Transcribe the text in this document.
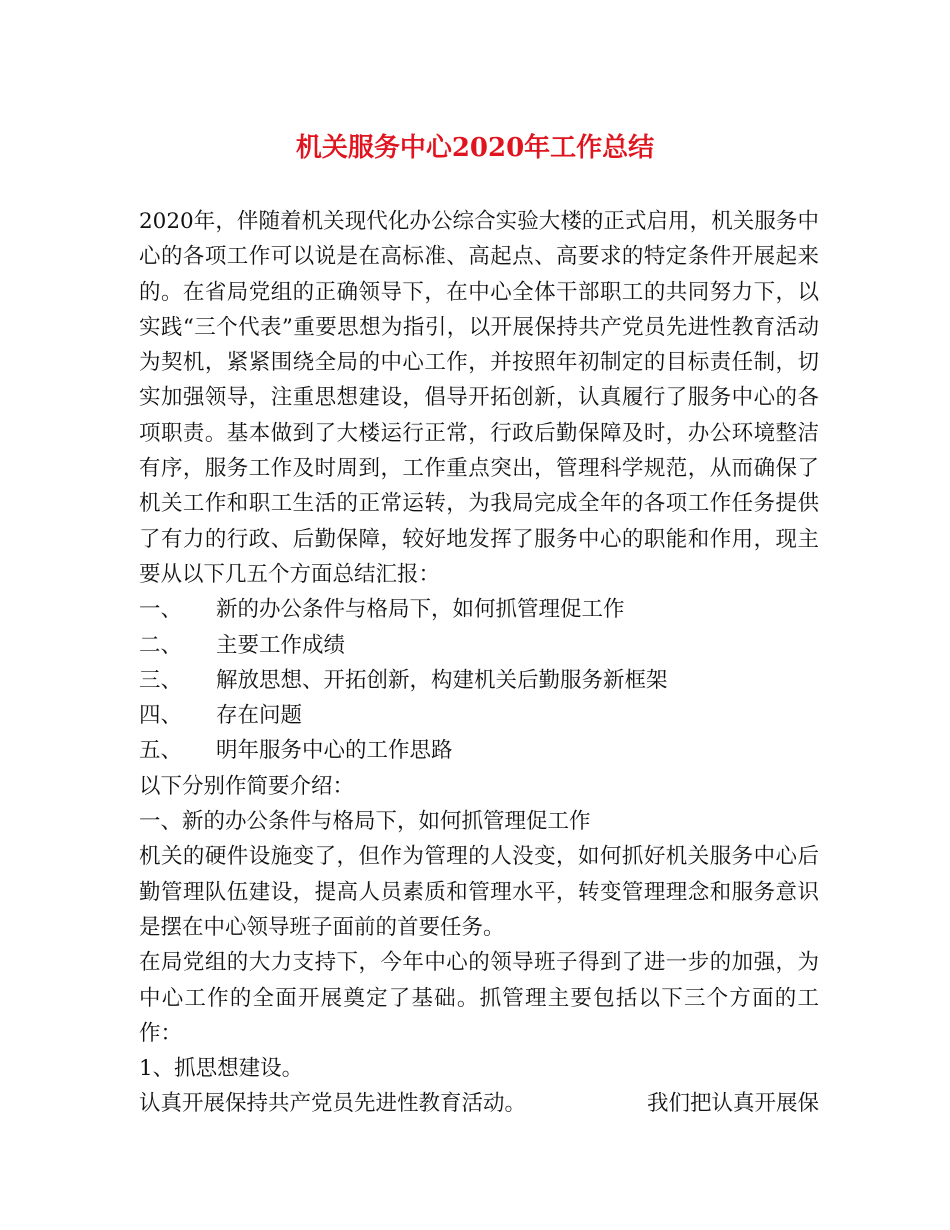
机关服务中心2020年工作总结

2020年，伴随着机关现代化办公综合实验大楼的正式启用，机关服务中心的各项工作可以说是在高标准、高起点、高要求的特定条件开展起来的。在省局党组的正确领导下，在中心全体干部职工的共同努力下，以实践“三个代表”重要思想为指引，以开展保持共产党员先进性教育活动为契机，紧紧围绕全局的中心工作，并按照年初制定的目标责任制，切实加强领导，注重思想建设，倡导开拓创新，认真履行了服务中心的各项职责。基本做到了大楼运行正常，行政后勤保障及时，办公环境整洁有序，服务工作及时周到，工作重点突出，管理科学规范，从而确保了机关工作和职工生活的正常运转，为我局完成全年的各项工作任务提供了有力的行政、后勤保障，较好地发挥了服务中心的职能和作用，现主要从以下几五个方面总结汇报：

一、 新的办公条件与格局下，如何抓管理促工作

二、 主要工作成绩

三、 解放思想、开拓创新，构建机关后勤服务新框架

四、 存在问题

五、 明年服务中心的工作思路

以下分别作简要介绍：

一、新的办公条件与格局下，如何抓管理促工作

机关的硬件设施变了，但作为管理的人没变，如何抓好机关服务中心后勤管理队伍建设，提高人员素质和管理水平，转变管理理念和服务意识是摆在中心领导班子面前的首要任务。

在局党组的大力支持下，今年中心的领导班子得到了进一步的加强，为中心工作的全面开展奠定了基础。抓管理主要包括以下三个方面的工作：

1、抓思想建设。

认真开展保持共产党员先进性教育活动。	我们把认真开展保
